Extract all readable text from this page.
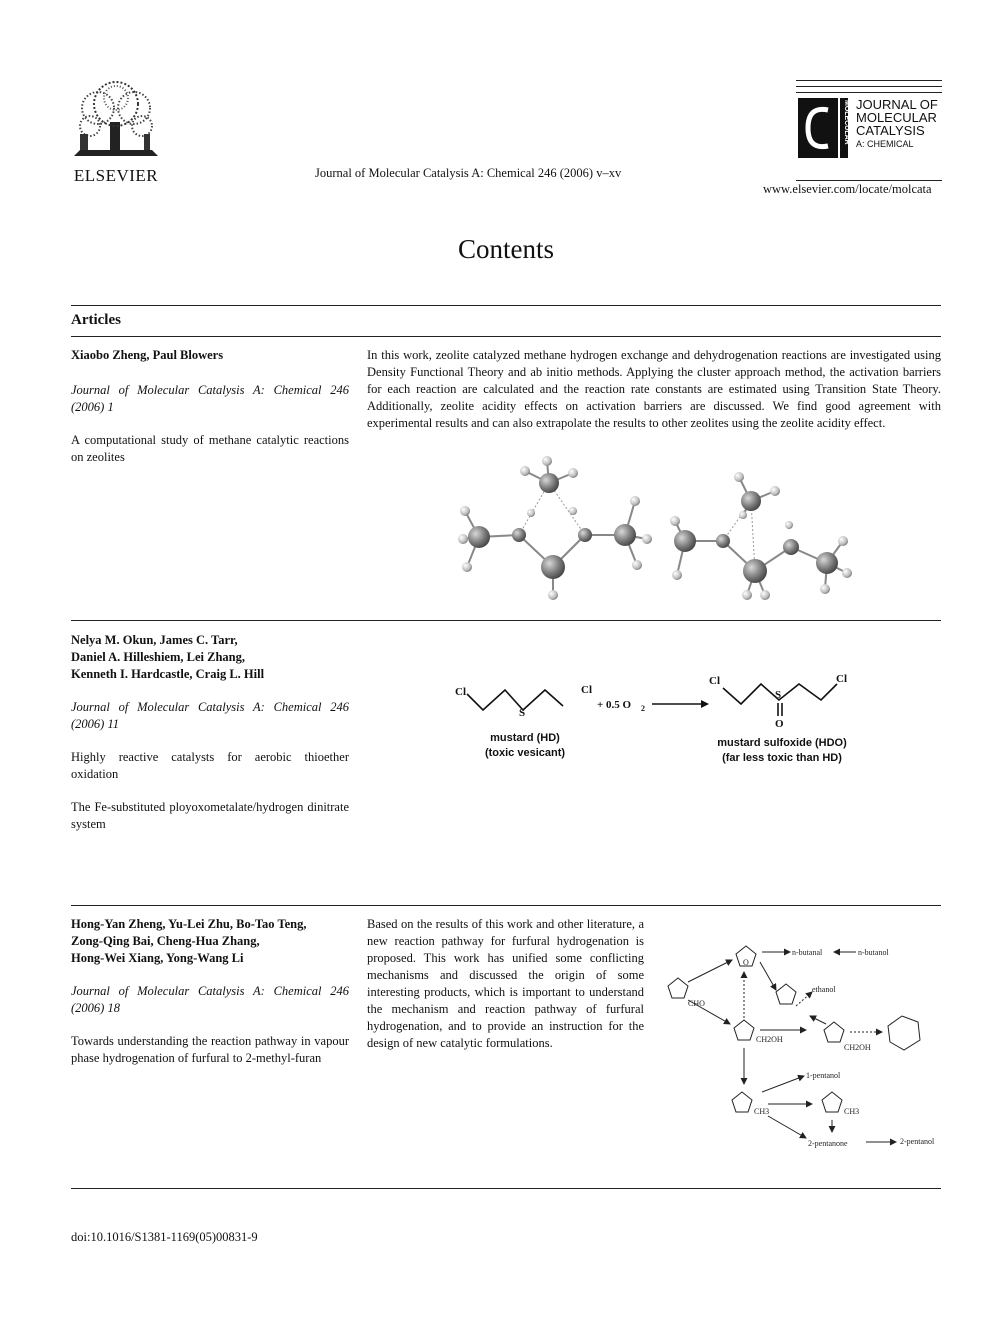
ELSEVIER	Journal of Molecular Catalysis A: Chemical 246 (2006) v–xv
MOLECULAR JOURNAL OF
MOLECULAR
CATALYSIS
A: CHEMICAL
www.elsevier.com/locate/molcata
Contents
Articles
Xiaobo Zheng, Paul Blowers
Journal of Molecular Catalysis A: Chemical 246 (2006) 1
A computational study of methane catalytic reactions on zeolites
In this work, zeolite catalyzed methane hydrogen exchange and dehydrogenation reactions are investigated using Density Functional Theory and ab initio methods. Applying the cluster approach method, the activation barriers for each reaction are calculated and the reaction rate constants are estimated using Transition State Theory. Additionally, zeolite acidity effects on activation barriers are discussed. We find good agreement with experimental results and can also extrapolate the results to other zeolites using the zeolite acidity effect.
Nelya M. Okun, James C. Tarr,
Daniel A. Hilleshiem, Lei Zhang,
Kenneth I. Hardcastle, Craig L. Hill
Journal of Molecular Catalysis A: Chemical 246 (2006) 11
Highly reactive catalysts for aerobic thioether oxidation
The Fe-substituted ployoxometalate/hydrogen dinitrate system
Cl
S
Cl
+ 0.5 O 2
Cl
S
O
Cl
mustard (HD)
(toxic vesicant)
mustard sulfoxide (HDO)
(far less toxic than HD)
Hong-Yan Zheng, Yu-Lei Zhu, Bo-Tao Teng,
Zong-Qing Bai, Cheng-Hua Zhang,
Hong-Wei Xiang, Yong-Wang Li
Journal of Molecular Catalysis A: Chemical 246 (2006) 18
Towards understanding the reaction pathway in vapour phase hydrogenation of furfural to 2-methyl-furan
Based on the results of this work and other literature, a new reaction pathway for furfural hydrogenation is proposed. This work has unified some conflicting mechanisms and discussed the origin of some interesting products, which is important to understand the mechanism and reaction pathway of furfural hydrogenation, and to provide an instruction for the design of new catalytic formulations.
n-butanal	n-butanol
ethanol
CHO
CH2OH
CH2OH
CH3	CH3
1-pentanol
2-pentanone	2-pentanol
O
doi:10.1016/S1381-1169(05)00831-9
